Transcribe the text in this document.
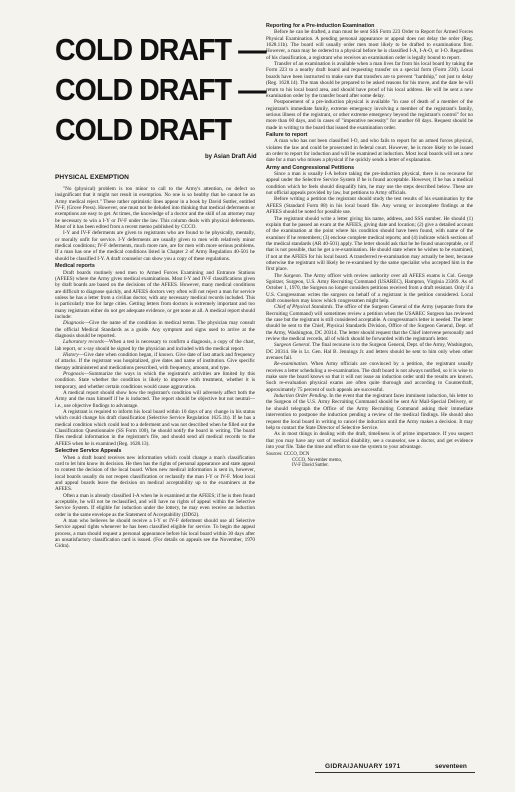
COLD DRAFT —
COLD DRAFT —
COLD DRAFT
by Asian Draft Aid
PHYSICAL EXEMPTION

"No (physical) problem is too minor to call to the Army's attention, no defect so insignificant that it might not result in exemption. No one is so healthy that he cannot be an Army medical reject." These rather optimistic lines appear in a book by David Suttler, entitled IV-F, (Grove Press). However, one must not be deluded into thinking that medical deferments or exemptions are easy to get. At times, the knowledge of a doctor and the skill of an attorney may be necessary to win a I-Y or IV-F under the law. This column deals with physical deferments. Most of it has been edited from a recent memo published by CCCO.

I-Y and IV-F deferments are given to registrants who are found to be physically, mentally, or morally unfit for service. I-Y deferments are usually given to men with relatively minor medical conditions; IV-F deferments, much more rare, are for men with more serious problems. If a man has one of the medical conditions listed in Chapter 2 of Army Regulation 40-501 he should be classified I-Y. A draft counselor can show you a copy of these regulations.

Medical reports

Draft boards routinely send men to Armed Forces Examining and Entrance Stations (AFEES) where the Army gives medical examinations. Most I-Y and IV-F classifications given by draft boards are based on the decisions of the AFEES. However, many medical conditions are difficult to diagnose quickly, and AFEES doctors very often will not reject a man for service unless he has a letter from a civilian doctor, with any necessary medical records included. This is particularly true for large cities. Getting letters from doctors is extremely important and too many registrants either do not get adequate evidence, or get none at all. A medical report should include:

Diagnosis—Give the name of the condition in medical terms. The physician may consult the official Medical Standards as a guide. Any symptom and signs used to arrive at the diagnosis should be reported.

Laboratory records—When a test is necessary to confirm a diagnosis, a copy of the chart, lab report, or x-ray should be signed by the physician and included with the medical report.

History—Give date when condition began, if known. Give date of last attack and frequency of attacks. If the registrant was hospitalized, give dates and name of institution. Give specific therapy administered and medications prescribed, with frequency, amount, and type.

Prognosis—Summarize the ways in which the registrant's activities are limited by this condition. State whether the condition is likely to improve with treatment, whether it is temporary, and whether certain conditions would cause aggravation.

A medical report should show how the registrant's condition will adversely affect both the Army and the man himself if he is inducted. The report should be objective but not neutral—i.e., use objective findings to advantage.

A registrant is required to inform his local board within 10 days of any change in his status which could change his draft classification (Selective Service Regulation 1625.1b). If he has a medical condition which could lead to a deferment and was not described when he filled out the Classification Questionnaire (SS Form 100), he should notify the board in writing. The board files medical information in the registrant's file, and should send all medical records to the AFEES when he is examined (Reg. 1628.13).

Selective Service Appeals

When a draft board receives new information which could change a man's classification card to let him know its decision. He then has the rights of personal appearance and state appeal to contest the decision of the local board. When new medical information is sent in, however, local boards usually do not reopen classification or reclassify the man I-Y or IV-F. Most local and appeal boards leave the decision on medical acceptability up to the examiners at the AFEES.

Often a man is already classified I-A when he is examined at the AFEES; if he is then found acceptable, he will not be reclassified, and will have no rights of appeal within the Selective Service System. If eligible for induction under the lottery, he may even receive an induction order in the same envelope as the Statement of Acceptability (DD62).

A man who believes he should receive a I-Y or IV-F deferment should use all Selective Service appeal rights whenever he has been classified eligible for service. To begin the appeal process, a man should request a personal appearance before his local board within 30 days after an unsatisfactory classification card is issued. (For details on appeals see the November, 1970 Gidra).

Reporting for a Pre-induction Examination

Before he can be drafted, a man must be sent SSS Form 223 Order to Report for Armed Forces Physical Examination. A pending personal appearance or appeal does not delay the order (Reg. 1628.11b). The board will usually order men most likely to be drafted to examinations first. However, a man may be ordered to a physical before he is classified I-A, I-A-O, or I-O. Regardless of his classification, a registrant who receives an examination order is legally bound to report.

Transfer of an examination is available when a man lives far from his local board by taking the Form 223 to a nearby draft board and requesting transfer on a special form (Form 230). Local boards have been instructed to make sure that transfers are to prevent "hardship," not just to delay (Reg. 1628.14). The man should be prepared to be asked reasons for his move, and the date he will return to his local board area, and should have proof of his local address. He will be sent a new examination order by the transfer board after some delay.

Postponement of a pre-induction physical is available "in case of death of a member of the registrant's immediate family, extreme emergency involving a member of the registrant's family, serious illness of the registrant, or other extreme emergency beyond the registrant's control" for no more than 60 days, and in cases of "imperative necessity" for another 60 days. Request should be made in writing to the board that issued the examination order.

Failure to report

A man who has not been classified I-O, and who fails to report for an armed forces physical, violates the law and could be prosecuted in federal court. However, he is more likely to be issued an order to report for induction and will be examined at induction. Most local boards will set a new date for a man who misses a physical if he quickly sends a letter of explanation.

Army and Congressional Petitions

Since a man is usually I-A before taking the pre-induction physical, there is no recourse for appeal under the Selective Service System if he is found acceptable. However, if he has a medical condition which he feels should disqualify him, he may use the steps described below. These are not official appeals provided by law, but petitions to Army officials.

Before writing a petition the registrant should study the test results of his examination by the AFEES (Standard Form 88) in his local board file. Any wrong or incomplete findings at the AFEES should be noted for possible use.

The registrant should write a letter giving his name, address, and SSS number. He should (1) explain that he passed an exam at the AFEES, giving date and location; (2) give a detailed account of the examination at the point where his condition should have been found, with name of the examiner if he remembers; (3) enclose complete medical reports; and (4) indicate which sections of the medical standards (AR 40-501) apply. The letter should ask that he be found unacceptable, or if that is not possible, that he get a re-examination. He should state where he wishes to be examined, if not at the AFEES for his local board. A transferred re-examination may actually be best, because otherwise the registrant will likely be re-examined by the same specialist who accepted him in the first place.

The Surgeon. The Army officer with review authority over all AFEES exams is Col. George Sgoitzer, Surgeon, U.S. Army Recruiting Command (USAREC), Hampton, Virginia 23369. As of October 1, 1970, the Surgeon no longer considers petitions received from a draft resistant. Only if a U.S. Congressman writes the surgeon on behalf of a registrant is the petition considered. Local draft counselors may know which congressmen might help.

Chief of Physical Standards. The office of the Surgeon General of the Army (separate from the Recruiting Command) will sometimes review a petition when the USAREC Surgeon has reviewed the case but the registrant is still considered acceptable. A congressman's letter is needed. The letter should be sent to the Chief, Physical Standards Division, Office of the Surgeon General, Dept. of the Army, Washington, DC 20314. The letter should request that the Chief intervene personally and review the medical records, all of which should be forwarded with the registrant's letter.

Surgeon General. The final recourse is to the Surgeon General, Dept. of the Army, Washington, DC 20314. He is Lt. Gen. Hal B. Jennings Jr. and letters should be sent to him only when other avenues fail.

Re-examination. When Army officials are convinced by a petition, the registrant usually receives a letter scheduling a re-examination. The draft board is not always notified, so it is wise to make sure the board knows so that it will not issue an induction order until the results are known. Such re-evaluation physical exams are often quite thorough and according to Counterdraft, approximately 75 percent of such appeals are successful.

Induction Order Pending. In the event that the registrant faces imminent induction, his letter to the Surgeon of the U.S. Army Recruiting Command should be sent Air Mail-Special Delivery, or he should telegraph the Office of the Army Recruiting Command asking their immediate intervention to postpone the induction pending a review of the medical findings. He should also request the local board in writing to cancel the induction until the Army makes a decision. It may help to contact the State Director of Selective Service.

As in most things in dealing with the draft, timeliness is of prime importance. If you suspect that you may have any sort of medical disability, see a counselor, see a doctor, and get evidence into your file. Take the time and effort to use the system to your advantage.

Sources: CCCO, DCN
CCCO, November memo,
IV-F David Suttler.
GIDRA/JANUARY 1971	seventeen
